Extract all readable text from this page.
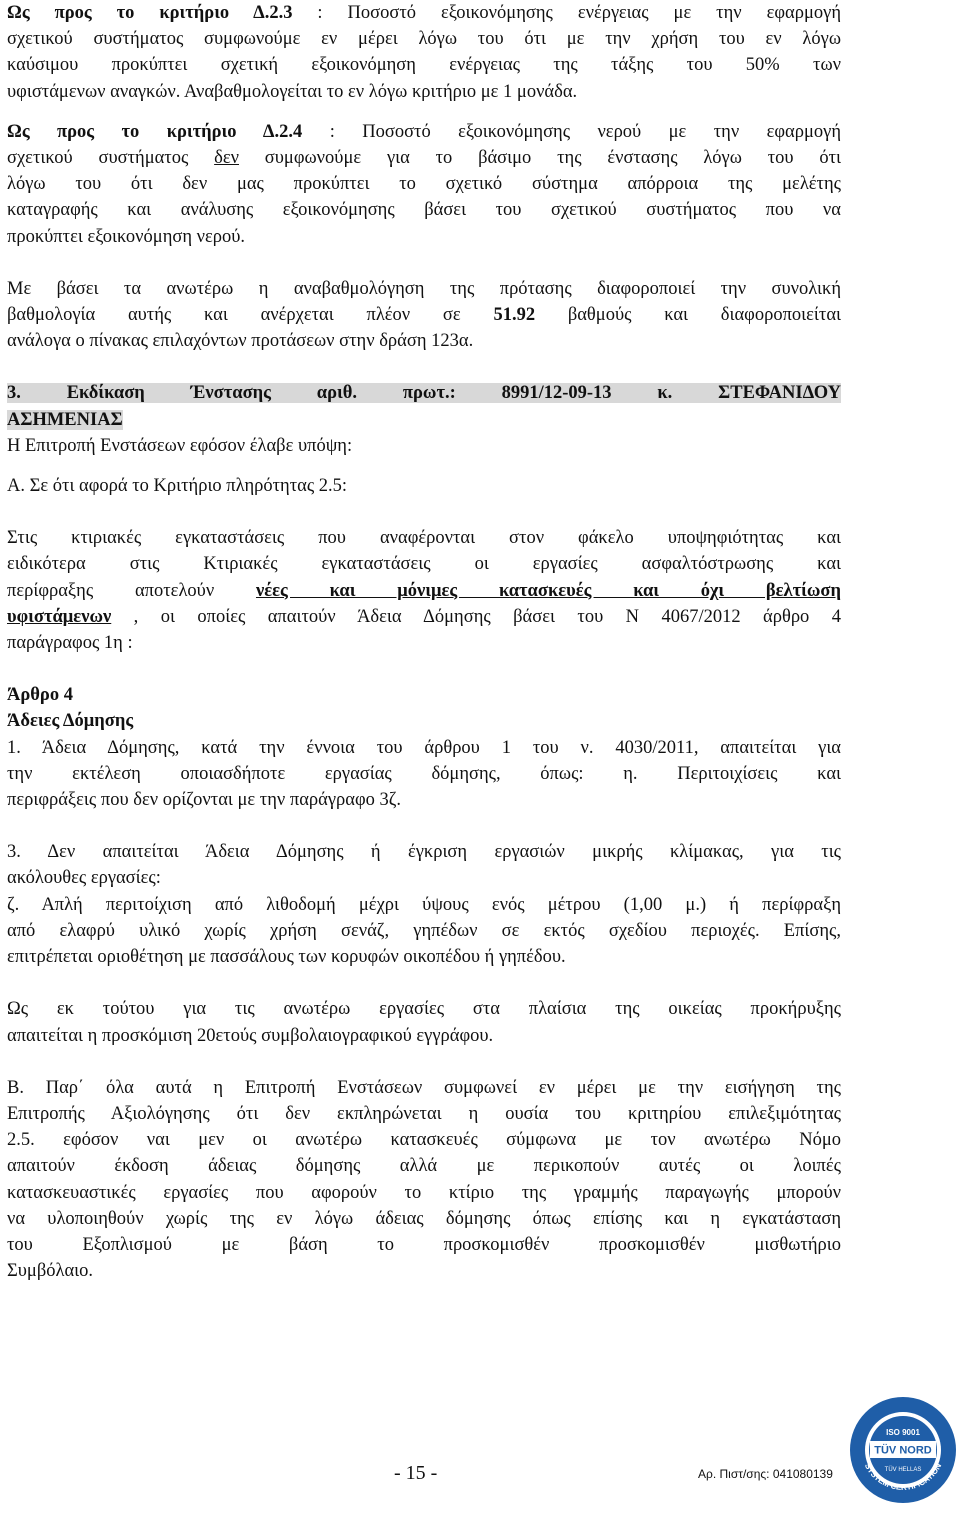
Ως προς το κριτήριο Δ.2.3 : Ποσοστό εξοικονόμησης ενέργειας με την εφαρμογή
σχετικού συστήματος συμφωνούμε εν μέρει λόγω του ότι με την χρήση του εν λόγω
καύσιμου προκύπτει σχετική εξοικονόμηση ενέργειας της τάξης του 50% των
υφιστάμενων αναγκών. Αναβαθμολογείται το εν λόγω κριτήριο με 1 μονάδα.
Ως προς το κριτήριο Δ.2.4 : Ποσοστό εξοικονόμησης νερού με την εφαρμογή
σχετικού συστήματος δεν συμφωνούμε για το βάσιμο της ένστασης λόγω του ότι
λόγω του ότι δεν μας προκύπτει το σχετικό σύστημα απόρροια της μελέτης
καταγραφής και ανάλυσης εξοικονόμησης βάσει του σχετικού συστήματος που να
προκύπτει εξοικονόμηση νερού.
Με βάσει τα ανωτέρω η αναβαθμολόγηση της πρότασης διαφοροποιεί την συνολική
βαθμολογία αυτής και ανέρχεται πλέον σε 51.92 βαθμούς και διαφοροποιείται
ανάλογα ο πίνακας επιλαχόντων προτάσεων στην δράση 123α.
3. Εκδίκαση Ένστασης αριθ. πρωτ.: 8991/12-09-13 κ. ΣΤΕΦΑΝΙΔΟΥ
ΑΣΗΜΕΝΙΑΣ
Η Επιτροπή Ενστάσεων εφόσον έλαβε υπόψη:
Α. Σε ότι αφορά το Κριτήριο πληρότητας 2.5:
Στις κτιριακές εγκαταστάσεις που αναφέρονται στον φάκελο υποψηφιότητας και
ειδικότερα στις Κτιριακές εγκαταστάσεις οι εργασίες ασφαλτόστρωσης και
περίφραξης αποτελούν νέες και μόνιμες κατασκευές και όχι βελτίωση
υφιστάμενων , οι οποίες απαιτούν Άδεια Δόμησης βάσει του Ν 4067/2012 άρθρο 4
παράγραφος 1η :
Άρθρο 4
Άδειες Δόμησης
1. Άδεια Δόμησης, κατά την έννοια του άρθρου 1 του ν. 4030/2011, απαιτείται για
την εκτέλεση οποιασδήποτε εργασίας δόμησης, όπως: η. Περιτοιχίσεις και
περιφράξεις που δεν ορίζονται με την παράγραφο 3ζ.
3. Δεν απαιτείται Άδεια Δόμησης ή έγκριση εργασιών μικρής κλίμακας, για τις
ακόλουθες εργασίες:
ζ. Απλή περιτοίχιση από λιθοδομή μέχρι ύψους ενός μέτρου (1,00 μ.) ή περίφραξη
από ελαφρύ υλικό χωρίς χρήση σενάζ, γηπέδων σε εκτός σχεδίου περιοχές. Επίσης,
επιτρέπεται οριοθέτηση με πασσάλους των κορυφών οικοπέδου ή γηπέδου.
Ως εκ τούτου για τις ανωτέρω εργασίες στα πλαίσια της οικείας προκήρυξης
απαιτείται η προσκόμιση 20ετούς συμβολαιογραφικού εγγράφου.
Β. Παρ΄ όλα αυτά η Επιτροπή Ενστάσεων συμφωνεί εν μέρει με την εισήγηση της
Επιτροπής Αξιολόγησης ότι δεν εκπληρώνεται η ουσία του κριτηρίου επιλεξιμότητας
2.5. εφόσον ναι μεν οι ανωτέρω κατασκευές σύμφωνα με τον ανωτέρω Νόμο
απαιτούν έκδοση άδειας δόμησης αλλά με περικοπούν αυτές οι λοιπές
κατασκευαστικές εργασίες που αφορούν το κτίριο της γραμμής παραγωγής μπορούν
να υλοποιηθούν χωρίς της εν λόγω άδειας δόμησης όπως επίσης και η εγκατάσταση
του Εξοπλισμού με βάση το προσκομισθέν προσκομισθέν μισθωτήριο
Συμβόλαιο.
- 15 -	Αρ. Πιστ/σης: 041080139
TÜV NORD
ISO 9001
TÜV HELLAS
SYSTEM CERTIFICATION
